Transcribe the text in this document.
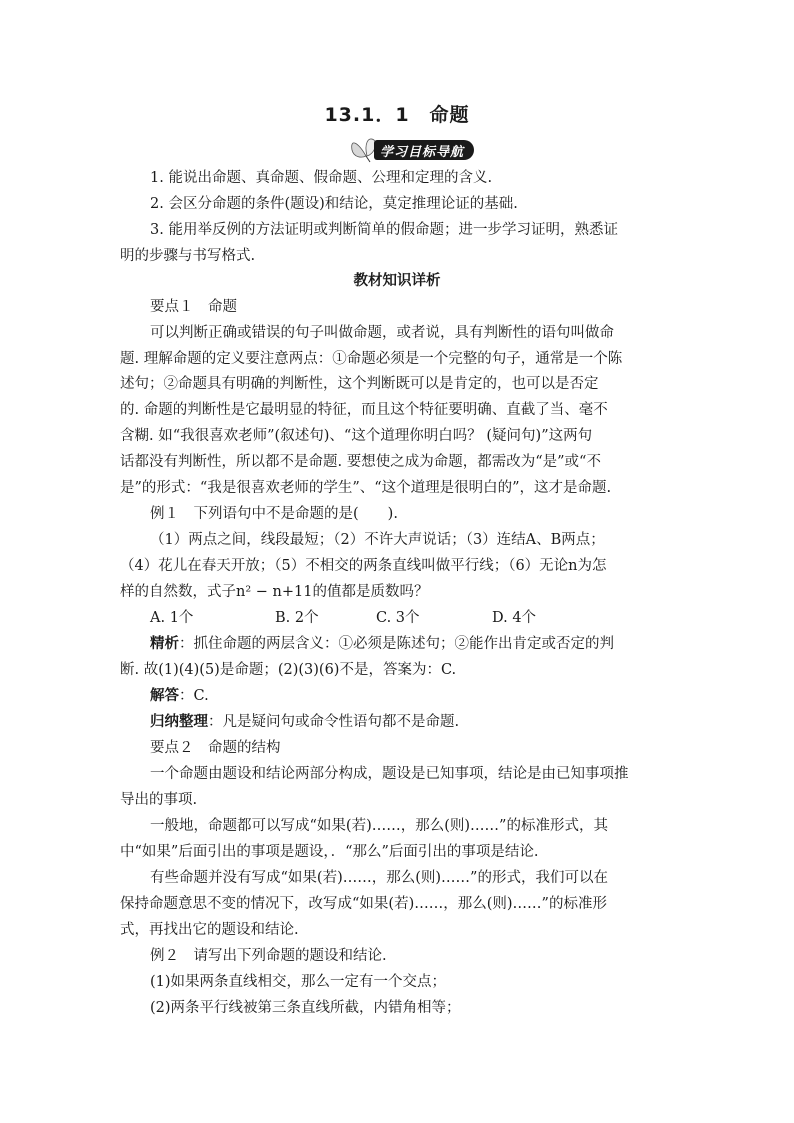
13.1．1　命题
学习目标导航
1. 能说出命题、真命题、假命题、公理和定理的含义.
2. 会区分命题的条件(题设)和结论，莫定推理论证的基础.
3. 能用举反例的方法证明或判断简单的假命题；进一步学习证明，熟悉证
明的步骤与书写格式.
教材知识详析
要点１　命题
可以判断正确或错误的句子叫做命题，或者说，具有判断性的语句叫做命
题. 理解命题的定义要注意两点：①命题必须是一个完整的句子，通常是一个陈
述句；②命题具有明确的判断性，这个判断既可以是肯定的，也可以是否定
的. 命题的判断性是它最明显的特征，而且这个特征要明确、直截了当、毫不
含糊. 如“我很喜欢老师”(叙述句)、“这个道理你明白吗？ (疑问句)”这两句
话都没有判断性，所以都不是命题. 要想使之成为命题，都需改为“是”或“不
是”的形式：“我是很喜欢老师的学生”、“这个道理是很明白的”，这才是命题.
例１　下列语句中不是命题的是(　　).
（1）两点之间，线段最短；（2）不许大声说话；（3）连结A、B两点；
（4）花儿在春天开放；（5）不相交的两条直线叫做平行线；（6）无论n为怎
样的自然数，式子n² − n+11的值都是质数吗？
A. 1个	B. 2个	C. 3个	D. 4个
精析：抓住命题的两层含义：①必须是陈述句；②能作出肯定或否定的判
断. 故(1)(4)(5)是命题；(2)(3)(6)不是，答案为：C.
解答：C.
归纳整理：凡是疑问句或命令性语句都不是命题.
要点２　命题的结构
一个命题由题设和结论两部分构成，题设是已知事项，结论是由已知事项推
导出的事项.
一般地，命题都可以写成“如果(若)……，那么(则)……”的标准形式，其
中“如果”后面引出的事项是题设，．“那么”后面引出的事项是结论.
有些命题并没有写成“如果(若)……，那么(则)……”的形式，我们可以在
保持命题意思不变的情况下，改写成“如果(若)……，那么(则)……”的标准形
式，再找出它的题设和结论.
例２　请写出下列命题的题设和结论.
(1)如果两条直线相交，那么一定有一个交点；
(2)两条平行线被第三条直线所截，内错角相等；
